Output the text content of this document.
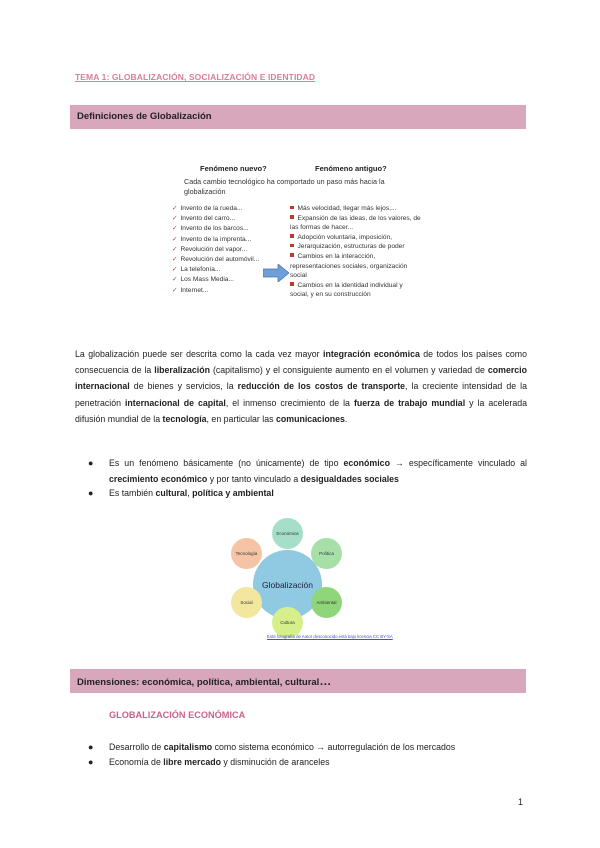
TEMA 1: GLOBALIZACIÓN, SOCIALIZACIÓN E IDENTIDAD
Definiciones de Globalización
Fenómeno nuevo?	Fenómeno antiguo?
Cada cambio tecnológico ha comportado un paso más hacia la globalización
✓ Invento de la rueda...
✓ Invento del carro...
✓ Invento de los barcos...
✓ Invento de la imprenta...
✓ Revolución del vapor...
✓ Revolución del automóvil...
✓ La telefonía...
✓ Los Mass Media...
✓ Internet...
Más velocidad, llegar más lejos,...
Expansión de las ideas, de los valores, de las formas de hacer...
Adopción voluntaria, imposición,
Jerarquización, estructuras de poder
Cambios en la interacción, representaciones sociales, organización social
Cambios en la identidad individual y social, y en su construcción
La globalización puede ser descrita como la cada vez mayor integración económica de todos los países como consecuencia de la liberalización (capitalismo) y el consiguiente aumento en el volumen y variedad de comercio internacional de bienes y servicios, la reducción de los costos de transporte, la creciente intensidad de la penetración internacional de capital, el inmenso crecimiento de la fuerza de trabajo mundial y la acelerada difusión mundial de la tecnología, en particular las comunicaciones.
● Es un fenómeno básicamente (no únicamente) de tipo económico → específicamente vinculado al crecimiento económico y por tanto vinculado a desigualdades sociales
● Es también cultural, política y ambiental
Globalización
Económica
Política
Ambiental
Cultura
Social
Tecnología
Esta fotografía de Autor desconocido está bajo licencia CC BY-SA
Dimensiones: económica, política, ambiental, cultural…
GLOBALIZACIÓN ECONÓMICA
● Desarrollo de capitalismo como sistema económico → autorregulación de los mercados
● Economía de libre mercado y disminución de aranceles
1
